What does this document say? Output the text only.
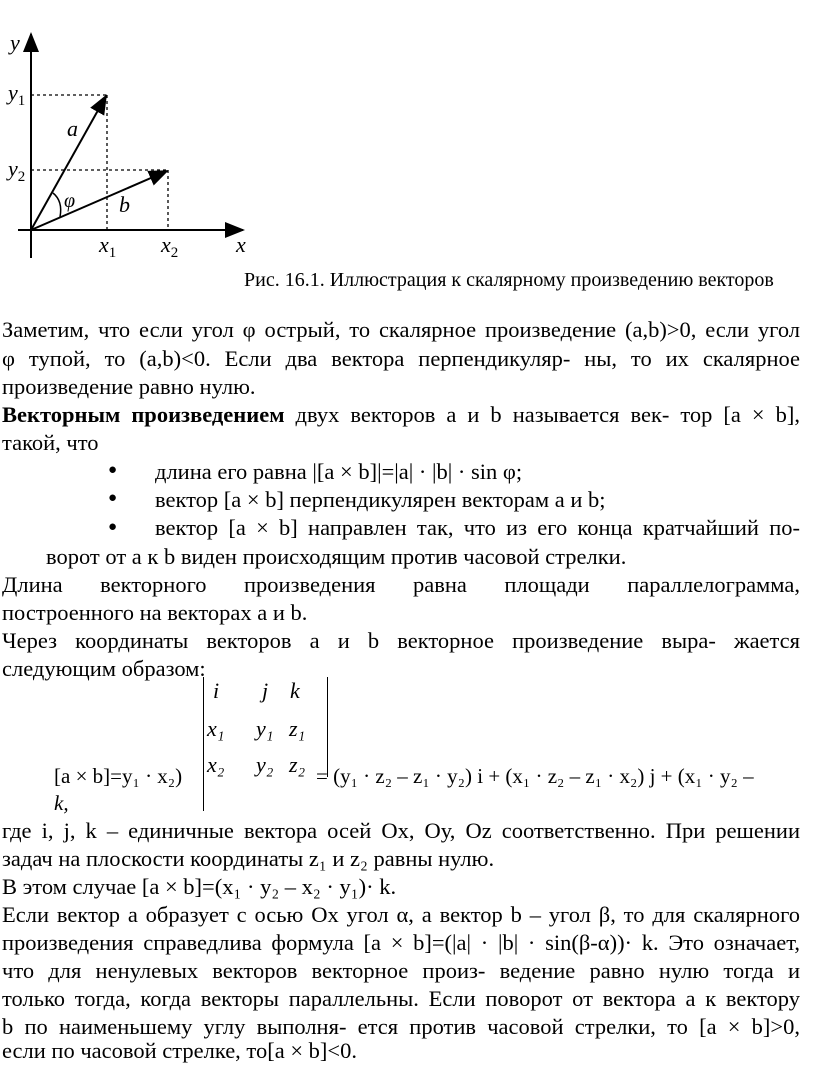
y
x
$y_1$
$y_2$
$x_1$ $x_2$
a
b
φ
Рис. 16.1. Иллюстрация к скалярному произведению векторов
Заметим, что если угол φ острый, то скалярное произведение (a,b)>0, если угол
φ тупой, то (a,b)<0. Если два вектора перпендикуляр- ны, то их скалярное
произведение равно нулю.
Векторным произведением двух векторов a и b называется век- тор [a × b],
такой, что
● длина его равна |[a × b]|=|a| · |b| · sin φ;
● вектор [a × b] перпендикулярен векторам a и b;
● вектор [a × b] направлен так, что из его конца кратчайший по-
ворот от a к b виден происходящим против часовой стрелки.
Длина векторного произведения равна площади параллелограмма,
построенного на векторах a и b.
Через координаты векторов a и b векторное произведение выра- жается
следующим образом:
i j k
x₁ y₁ z₁
x₂ y₂ z₂
[a × b]=y₁ · x₂)	= (y₁ · z₂ – z₁ · y₂) i + (x₁ · z₂ – z₁ · x₂) j + (x₁ · y₂ –
k,
где i, j, k – единичные вектора осей Ох, Оу, Оz соответственно. При решении
задач на плоскости координаты z₁ и z₂ равны нулю.
В этом случае [a × b]=(x₁ · y₂ – x₂ · y₁)· k.
Если вектор a образует с осью Ох угол α, а вектор b – угол β, то для скалярного
произведения справедлива формула [a × b]=(|a| · |b| · sin(β-α))· k. Это означает,
что для ненулевых векторов векторное произ- ведение равно нулю тогда и
только тогда, когда векторы параллельны. Если поворот от вектора a к вектору
b по наименьшему углу выполня- ется против часовой стрелки, то [a × b]>0,
если по часовой стрелке, то[a × b]<0.
